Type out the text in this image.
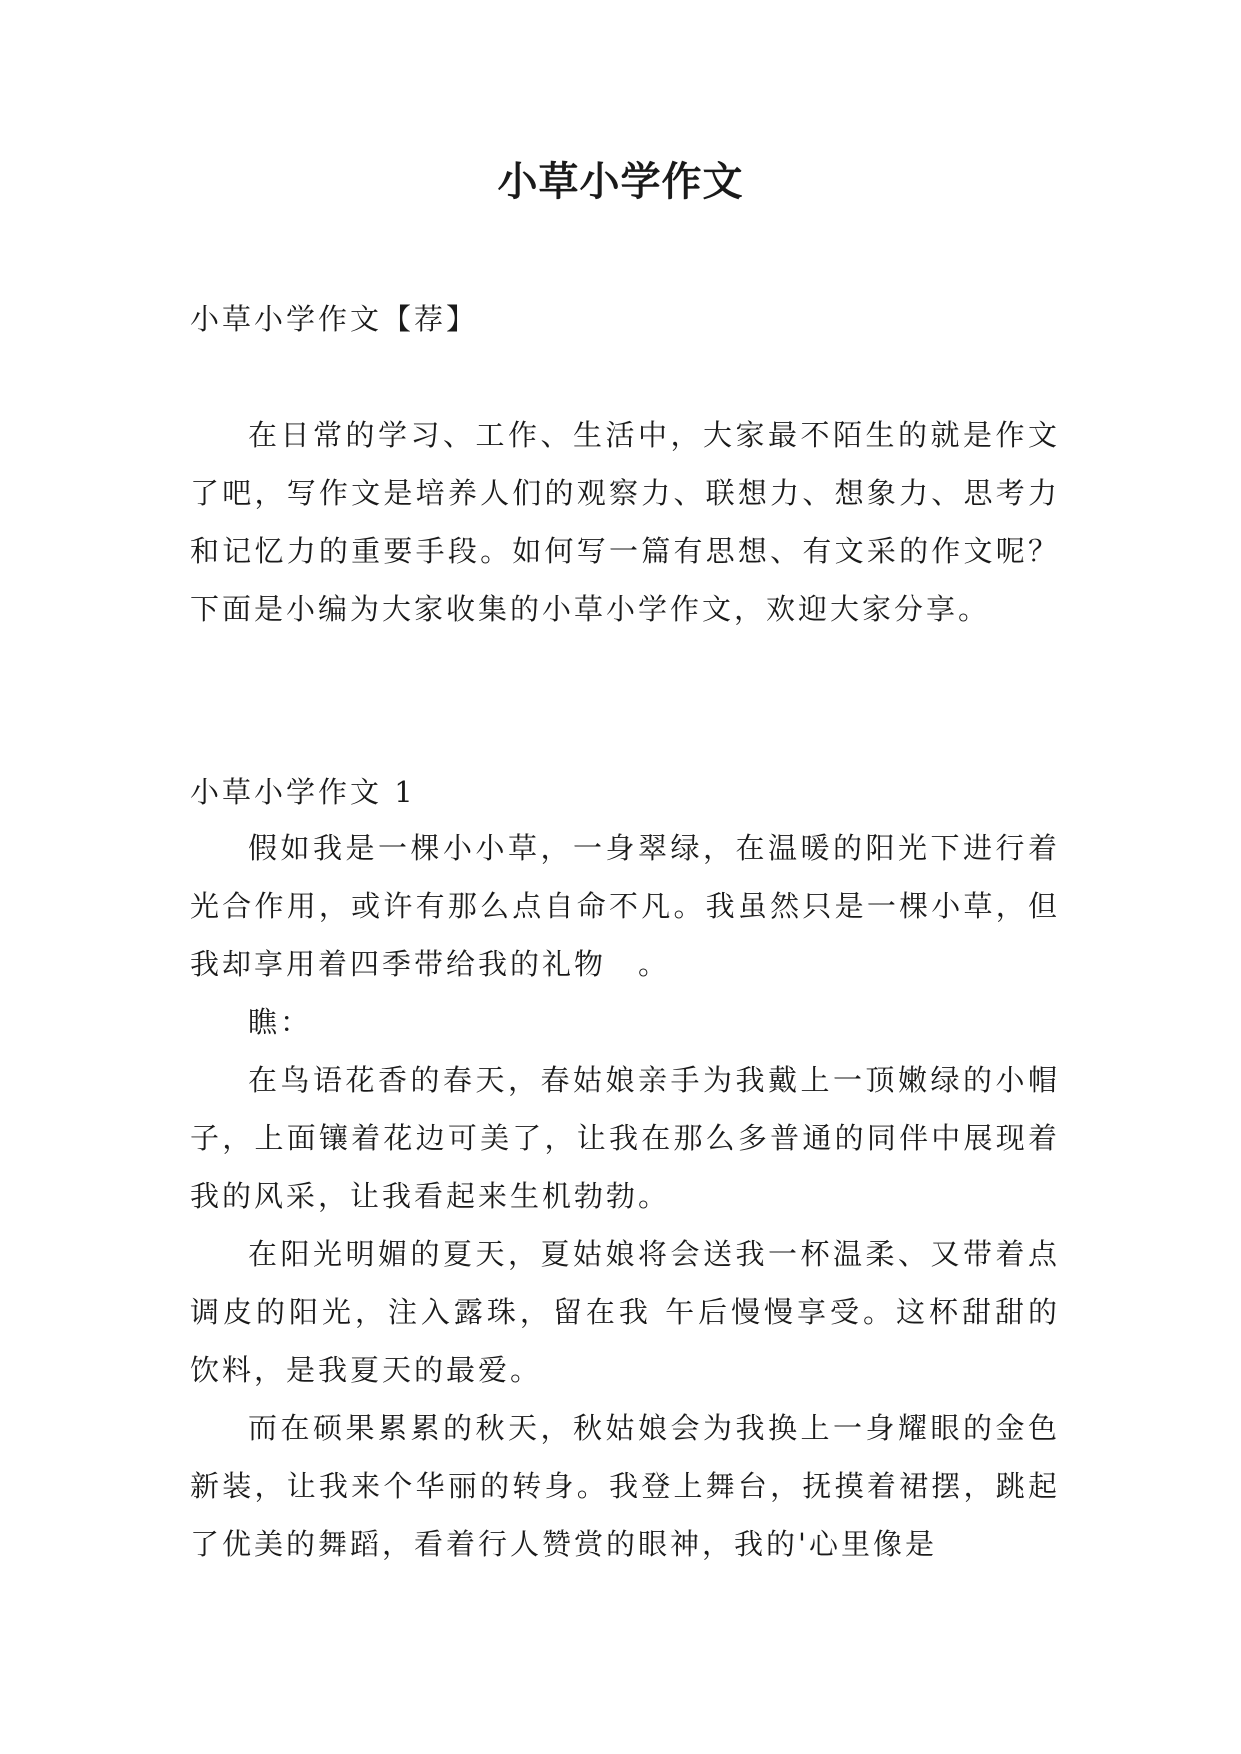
小草小学作文
小草小学作文【荐】

在日常的学习、工作、生活中，大家最不陌生的就是作文了吧，写作文是培养人们的观察力、联想力、想象力、思考力和记忆力的重要手段。如何写一篇有思想、有文采的作文呢？下面是小编为大家收集的小草小学作文，欢迎大家分享。

小草小学作文 1

假如我是一棵小小草，一身翠绿，在温暖的阳光下进行着光合作用，或许有那么点自命不凡。我虽然只是一棵小草，但我却享用着四季带给我的礼物　。

瞧：

在鸟语花香的春天，春姑娘亲手为我戴上一顶嫩绿的小帽子，上面镶着花边可美了，让我在那么多普通的同伴中展现着我的风采，让我看起来生机勃勃。

在阳光明媚的夏天，夏姑娘将会送我一杯温柔、又带着点调皮的阳光，注入露珠，留在我 午后慢慢享受。这杯甜甜的饮料，是我夏天的最爱。

而在硕果累累的秋天，秋姑娘会为我换上一身耀眼的金色新装，让我来个华丽的转身。我登上舞台，抚摸着裙摆，跳起了优美的舞蹈，看着行人赞赏的眼神，我的'心里像是
